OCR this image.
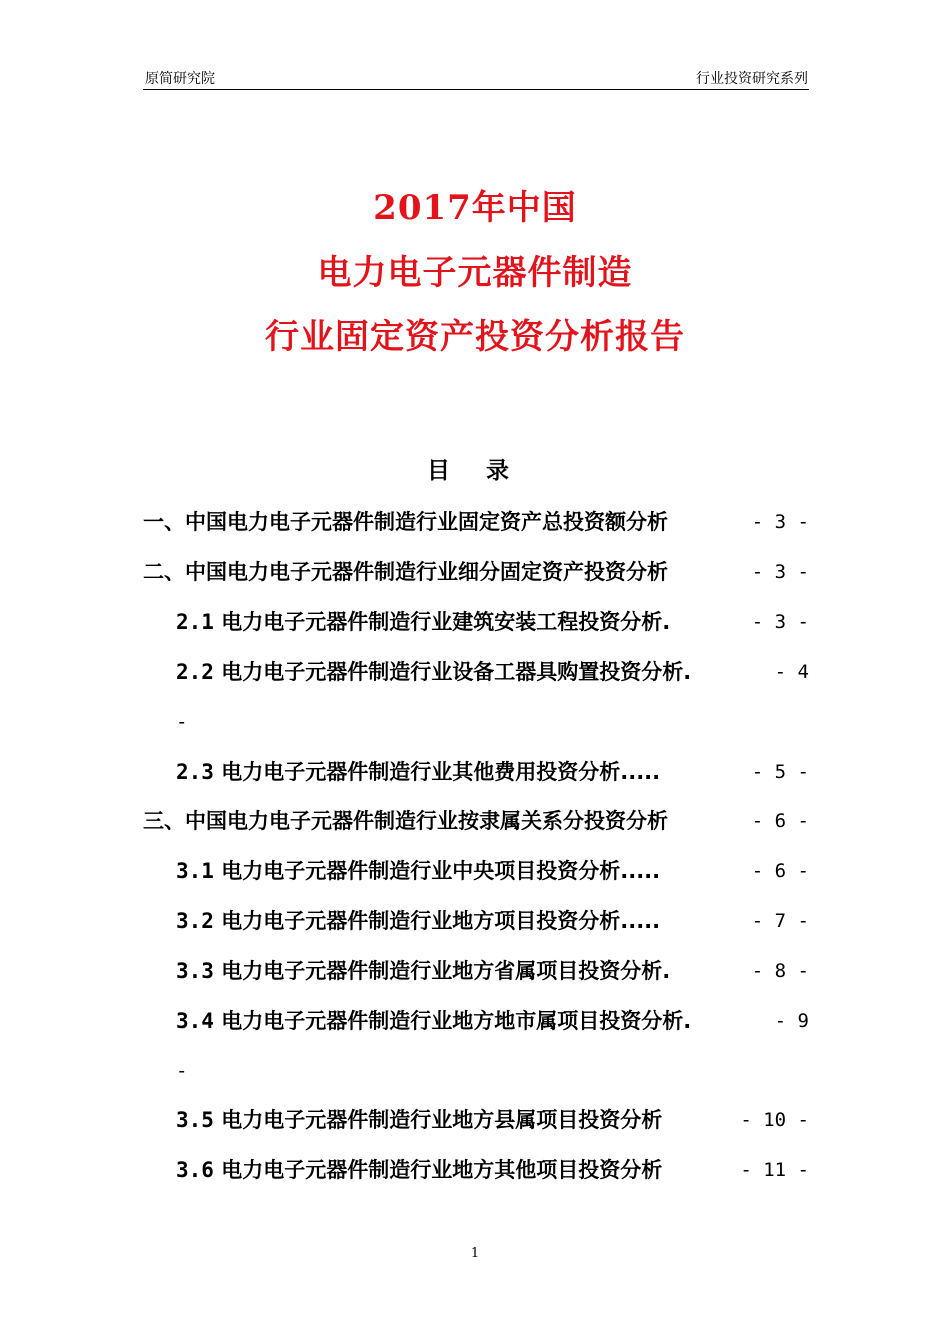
原简研究院	行业投资研究系列
2017年中国
电力电子元器件制造
行业固定资产投资分析报告
目 录
一、中国电力电子元器件制造行业固定资产总投资额分析	- 3 -
二、中国电力电子元器件制造行业细分固定资产投资分析	- 3 -
2.1 电力电子元器件制造行业建筑安装工程投资分析.	- 3 -
2.2 电力电子元器件制造行业设备工器具购置投资分析.	- 4
-
2.3 电力电子元器件制造行业其他费用投资分析.....	- 5 -
三、中国电力电子元器件制造行业按隶属关系分投资分析	- 6 -
3.1 电力电子元器件制造行业中央项目投资分析.....	- 6 -
3.2 电力电子元器件制造行业地方项目投资分析.....	- 7 -
3.3 电力电子元器件制造行业地方省属项目投资分析.	- 8 -
3.4 电力电子元器件制造行业地方地市属项目投资分析.	- 9
-
3.5 电力电子元器件制造行业地方县属项目投资分析	- 10 -
3.6 电力电子元器件制造行业地方其他项目投资分析	- 11 -
1
